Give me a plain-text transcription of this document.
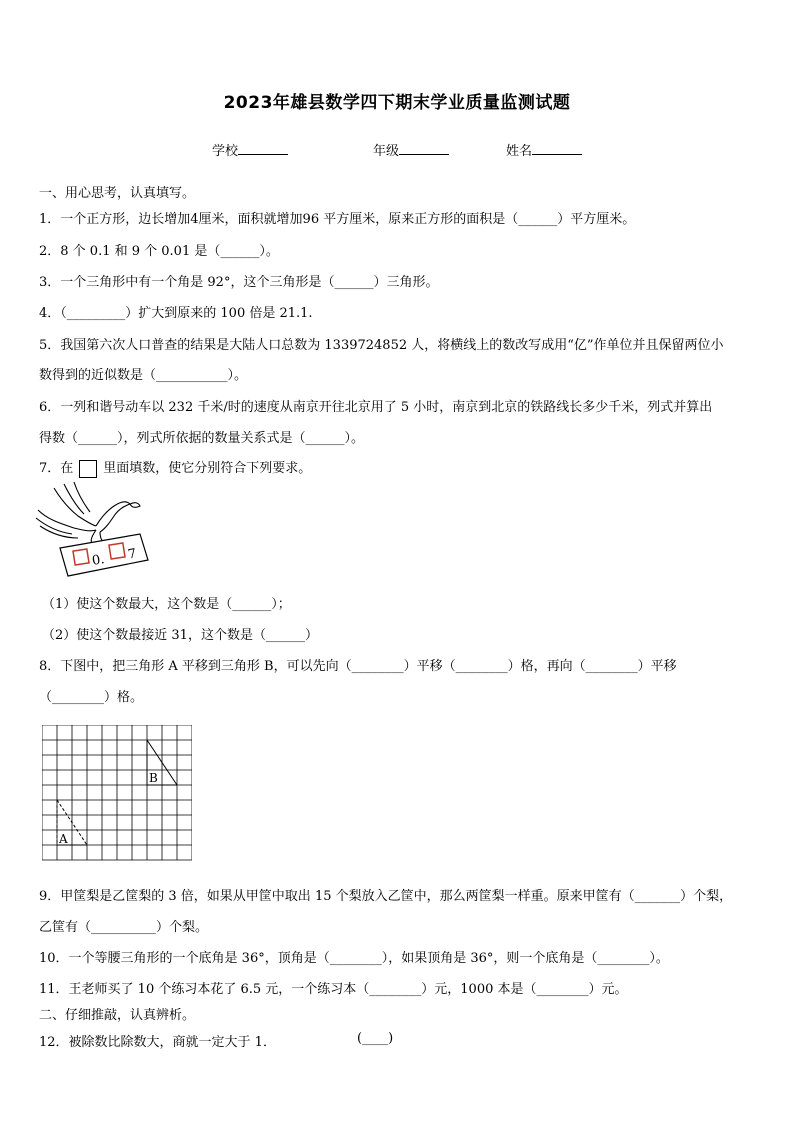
2023年雄县数学四下期末学业质量监测试题
学校	年级	姓名
一、用心思考，认真填写。
1．一个正方形，边长增加4厘米，面积就增加96 平方厘米，原来正方形的面积是（______）平方厘米。
2．8 个 0.1 和 9 个 0.01 是（______）。
3．一个三角形中有一个角是 92°，这个三角形是（______）三角形。
4．（_________）扩大到原来的 100 倍是 21.1.
5．我国第六次人口普查的结果是大陆人口总数为 1339724852 人，将横线上的数改写成用“亿”作单位并且保留两位小
数得到的近似数是（___________）。
6．一列和谐号动车以 232 千米/时的速度从南京开往北京用了 5 小时，南京到北京的铁路线长多少千米，列式并算出
得数（______），列式所依据的数量关系式是（______）。
7．在 里面填数，使它分别符合下列要求。
0. 7
（1）使这个数最大，这个数是（______）；
（2）使这个数最接近 31，这个数是（______）
8．下图中，把三角形 A 平移到三角形 B，可以先向（________）平移（________）格，再向（________）平移
（________）格。
A
B
9．甲筐梨是乙筐梨的 3 倍，如果从甲筐中取出 15 个梨放入乙筐中，那么两筐梨一样重。原来甲筐有（_______）个梨，
乙筐有（__________）个梨。
10．一个等腰三角形的一个底角是 36°，顶角是（________），如果顶角是 36°，则一个底角是（________）。
11．王老师买了 10 个练习本花了 6.5 元，一个练习本（________）元，1000 本是（________）元。
二、仔细推敲，认真辨析。
12．被除数比除数大，商就一定大于 1．	(____)
